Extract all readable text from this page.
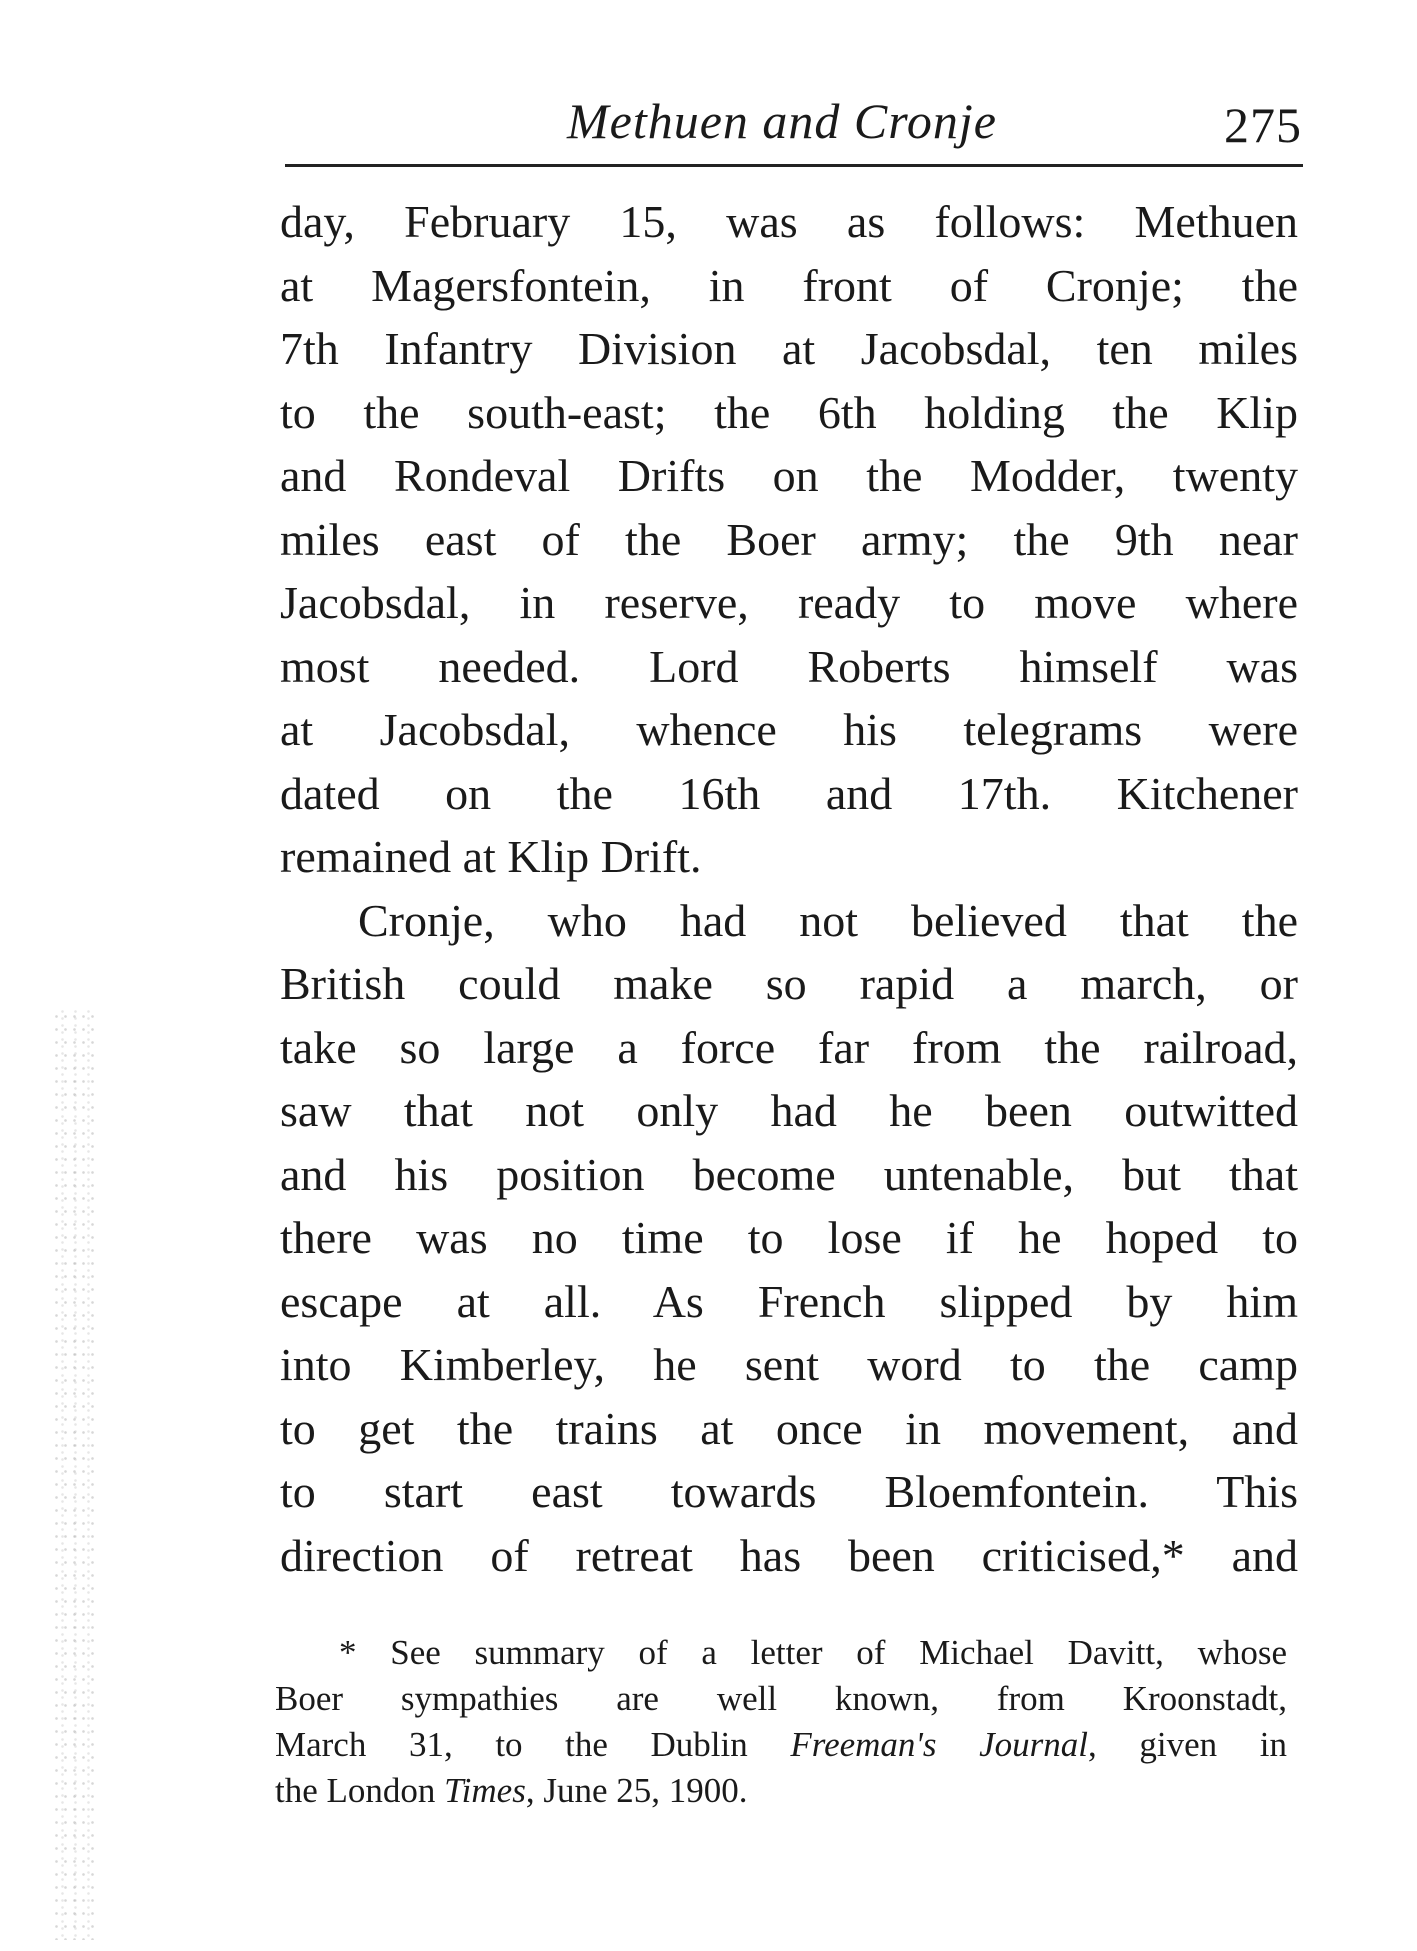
Methuen and Cronje	275
day, February 15, was as follows: Methuen
at Magersfontein, in front of Cronje; the
7th Infantry Division at Jacobsdal, ten miles
to the south-east; the 6th holding the Klip
and Rondeval Drifts on the Modder, twenty
miles east of the Boer army; the 9th near
Jacobsdal, in reserve, ready to move where
most needed. Lord Roberts himself was
at Jacobsdal, whence his telegrams were
dated on the 16th and 17th. Kitchener
remained at Klip Drift.
Cronje, who had not believed that the
British could make so rapid a march, or
take so large a force far from the railroad,
saw that not only had he been outwitted
and his position become untenable, but that
there was no time to lose if he hoped to
escape at all. As French slipped by him
into Kimberley, he sent word to the camp
to get the trains at once in movement, and
to start east towards Bloemfontein. This
direction of retreat has been criticised,* and
* See summary of a letter of Michael Davitt, whose
Boer sympathies are well known, from Kroonstadt,
March 31, to the Dublin Freeman's Journal, given in
the London Times, June 25, 1900.
